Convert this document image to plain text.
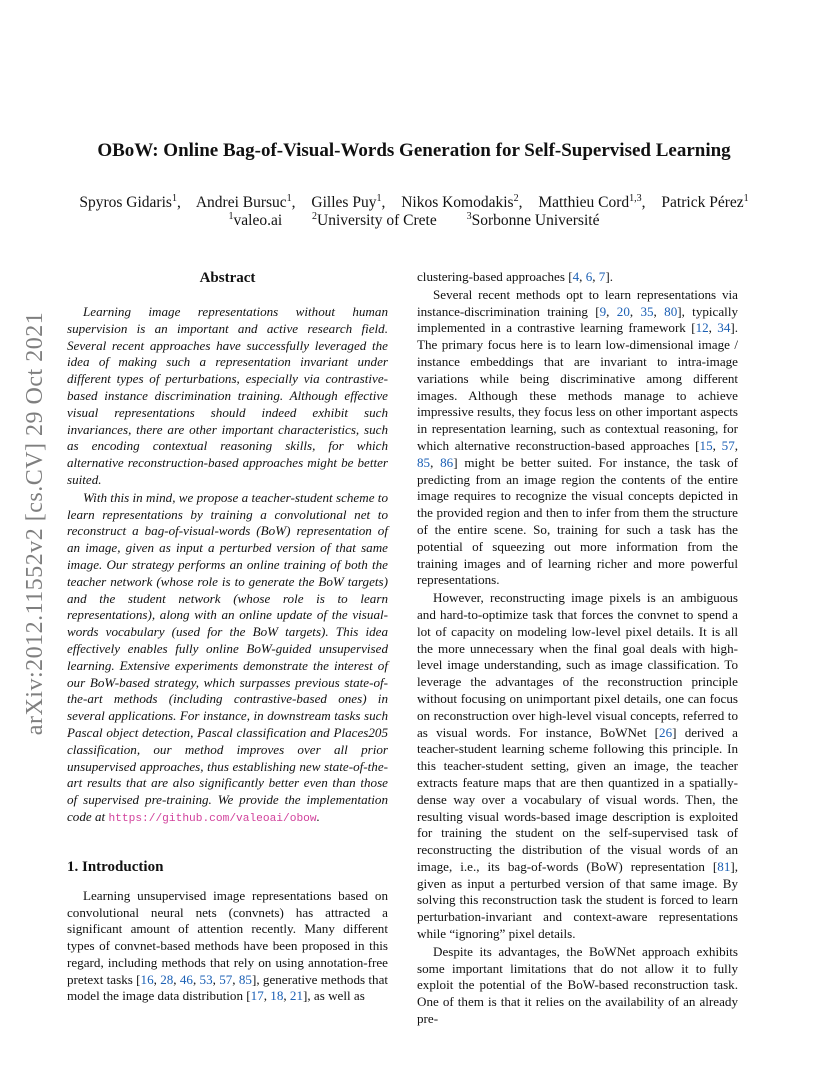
arXiv:2012.11552v2 [cs.CV] 29 Oct 2021
OBoW: Online Bag-of-Visual-Words Generation for Self-Supervised Learning
Spyros Gidaris$^1$, Andrei Bursuc$^1$, Gilles Puy$^1$, Nikos Komodakis$^2$, Matthieu Cord$^{1,3}$, Patrick Pérez$^1$
$^1$valeo.ai	$^2$University of Crete	$^3$Sorbonne Université
Abstract

Learning image representations without human supervision is an important and active research field. Several recent approaches have successfully leveraged the idea of making such a representation invariant under different types of perturbations, especially via contrastive-based instance discrimination training. Although effective visual representations should indeed exhibit such invariances, there are other important characteristics, such as encoding contextual reasoning skills, for which alternative reconstruction-based approaches might be better suited.

With this in mind, we propose a teacher-student scheme to learn representations by training a convolutional net to reconstruct a bag-of-visual-words (BoW) representation of an image, given as input a perturbed version of that same image. Our strategy performs an online training of both the teacher network (whose role is to generate the BoW targets) and the student network (whose role is to learn representations), along with an online update of the visual-words vocabulary (used for the BoW targets). This idea effectively enables fully online BoW-guided unsupervised learning. Extensive experiments demonstrate the interest of our BoW-based strategy, which surpasses previous state-of-the-art methods (including contrastive-based ones) in several applications. For instance, in downstream tasks such Pascal object detection, Pascal classification and Places205 classification, our method improves over all prior unsupervised approaches, thus establishing new state-of-the-art results that are also significantly better even than those of supervised pre-training. We provide the implementation code at https://github.com/valeoai/obow.

1. Introduction

Learning unsupervised image representations based on convolutional neural nets (convnets) has attracted a significant amount of attention recently. Many different types of convnet-based methods have been proposed in this regard, including methods that rely on using annotation-free pretext tasks [16, 28, 46, 53, 57, 85], generative methods that model the image data distribution [17, 18, 21], as well as

clustering-based approaches [4, 6, 7].

Several recent methods opt to learn representations via instance-discrimination training [9, 20, 35, 80], typically implemented in a contrastive learning framework [12, 34]. The primary focus here is to learn low-dimensional image / instance embeddings that are invariant to intra-image variations while being discriminative among different images. Although these methods manage to achieve impressive results, they focus less on other important aspects in representation learning, such as contextual reasoning, for which alternative reconstruction-based approaches [15, 57, 85, 86] might be better suited. For instance, the task of predicting from an image region the contents of the entire image requires to recognize the visual concepts depicted in the provided region and then to infer from them the structure of the entire scene. So, training for such a task has the potential of squeezing out more information from the training images and of learning richer and more powerful representations.

However, reconstructing image pixels is an ambiguous and hard-to-optimize task that forces the convnet to spend a lot of capacity on modeling low-level pixel details. It is all the more unnecessary when the final goal deals with high-level image understanding, such as image classification. To leverage the advantages of the reconstruction principle without focusing on unimportant pixel details, one can focus on reconstruction over high-level visual concepts, referred to as visual words. For instance, BoWNet [26] derived a teacher-student learning scheme following this principle. In this teacher-student setting, given an image, the teacher extracts feature maps that are then quantized in a spatially-dense way over a vocabulary of visual words. Then, the resulting visual words-based image description is exploited for training the student on the self-supervised task of reconstructing the distribution of the visual words of an image, i.e., its bag-of-words (BoW) representation [81], given as input a perturbed version of that same image. By solving this reconstruction task the student is forced to learn perturbation-invariant and context-aware representations while “ignoring” pixel details.

Despite its advantages, the BoWNet approach exhibits some important limitations that do not allow it to fully exploit the potential of the BoW-based reconstruction task. One of them is that it relies on the availability of an already pre-
